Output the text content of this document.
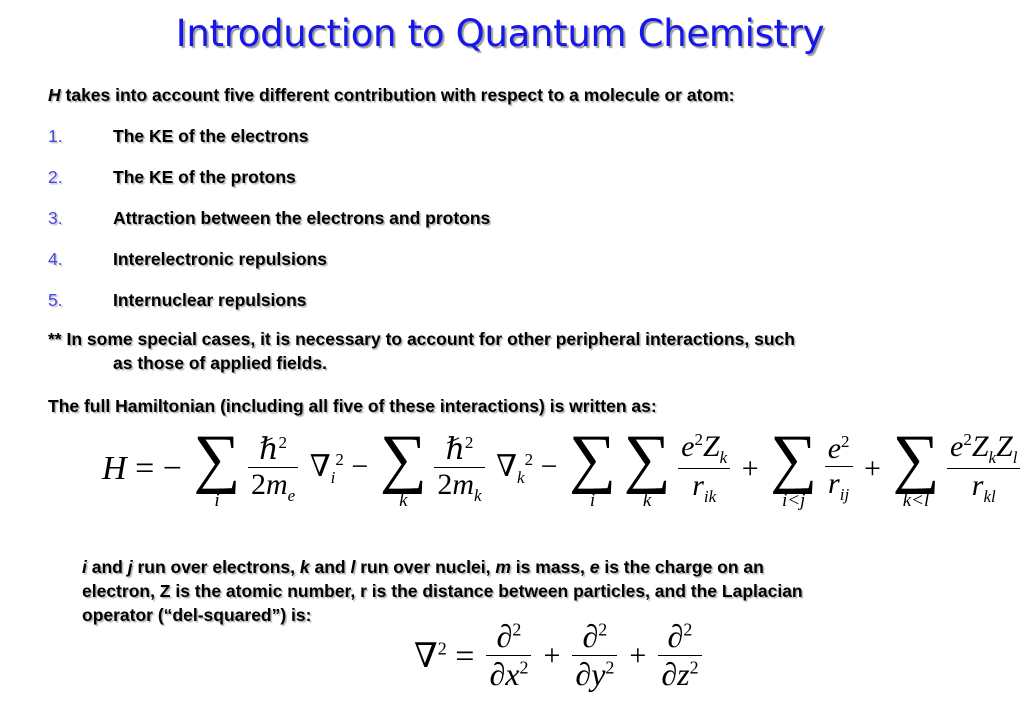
Introduction to Quantum Chemistry
H takes into account five different contribution with respect to a molecule or atom:
1.	The KE of the electrons
2.	The KE of the protons
3.	Attraction between the electrons and protons
4.	Interelectronic repulsions
5.	Internuclear repulsions
** In some special cases, it is necessary to account for other peripheral interactions, such
as those of applied fields.
The full Hamiltonian (including all five of these interactions) is written as:
H = − ∑
i
$\frac{\hbar^2}{2m_e} \nabla_i^2$ − ∑
k
$\frac{\hbar^2}{2m_k} \nabla_k^2$ − ∑
i

∑
k
$\frac{e^2Z_k}{r_{ik}}$ + ∑
i<j
$\frac{e^2}{r_{ij}}$ + ∑
k<l
$\frac{e^2Z_kZ_l}{r_{kl}}$
i and j run over electrons, k and l run over nuclei, m is mass, e is the charge on an
electron, Z is the atomic number, r is the distance between particles, and the Laplacian
operator (“del-squared”) is:
$\nabla^2 = \frac{\partial^2}{\partial x^2} + \frac{\partial^2}{\partial y^2} + \frac{\partial^2}{\partial z^2}$
